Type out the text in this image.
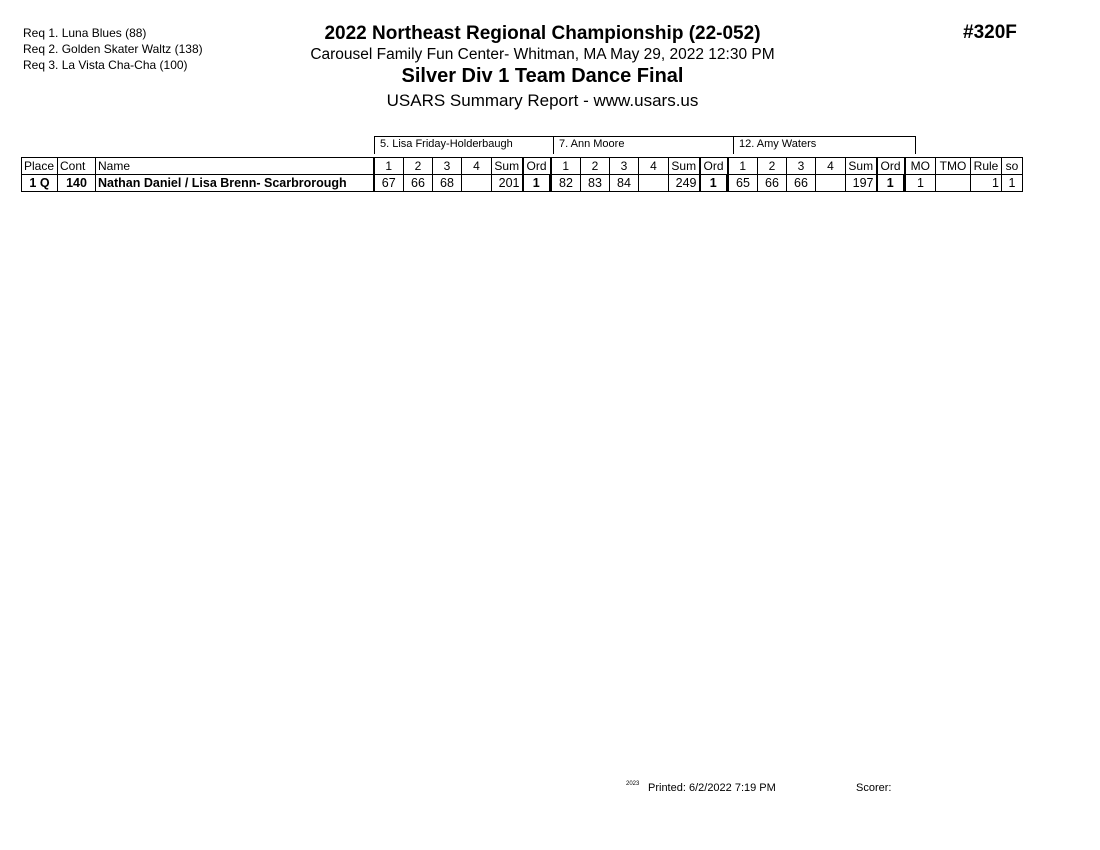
Req 1. Luna Blues (88)
Req 2. Golden Skater Waltz (138)
Req 3. La Vista Cha-Cha (100)
2022 Northeast Regional Championship (22-052)
Carousel Family Fun Center- Whitman, MA May 29, 2022 12:30 PM
Silver Div 1 Team Dance Final
USARS Summary Report - www.usars.us
#320F
5. Lisa Friday-Holderbaugh	7. Ann Moore	12. Amy Waters
Place	Cont	Name	1	2	3	4	Sum	Ord	1	2	3	4	Sum	Ord	1	2	3	4	Sum	Ord	MO	TMO	Rule	so
1 Q	140	Nathan Daniel / Lisa Brenn- Scarbrorough	67	66	68		201	1	82	83	84		249	1	65	66	66		197	1	1		1	1
2023 Printed: 6/2/2022 7:19 PM	Scorer:
